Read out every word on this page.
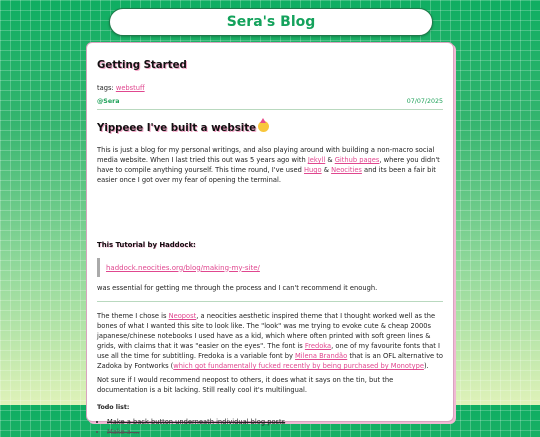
Sera's Blog
Getting Started
tags: webstuff
@Sera	07/07/2025
Yippeee I've built a website

This is just a blog for my personal writings, and also playing around with building a non-macro social media website. When I last tried this out was 5 years ago with Jekyll & Github pages, where you didn't have to compile anything yourself. This time round, I've used Hugo & Neocities and its been a fair bit easier once I got over my fear of opening the terminal.

This Tutorial by Haddock:
haddock.neocities.org/blog/making-my-site/

was essential for getting me through the process and I can't recommend it enough.

The theme I chose is Neopost, a neocities aesthetic inspired theme that I thought worked well as the bones of what I wanted this site to look like. The "look" was me trying to evoke cute & cheap 2000s japanese/chinese notebooks I used have as a kid, which where often printed with soft green lines & grids, with claims that it was "easier on the eyes". The font is Fredoka, one of my favourite fonts that I use all the time for subtitling. Fredoka is a variable font by Milena Brandão that is an OFL alternative to Zadoka by Fontworks (which got fundamentally fucked recently by being purchased by Monotype).

Not sure if I would recommend neopost to others, it does what it says on the tin, but the documentation is a bit lacking. Still really cool it's multilingual.

Todo list:
• Make a back button underneath individual blog posts
• Make a ...
